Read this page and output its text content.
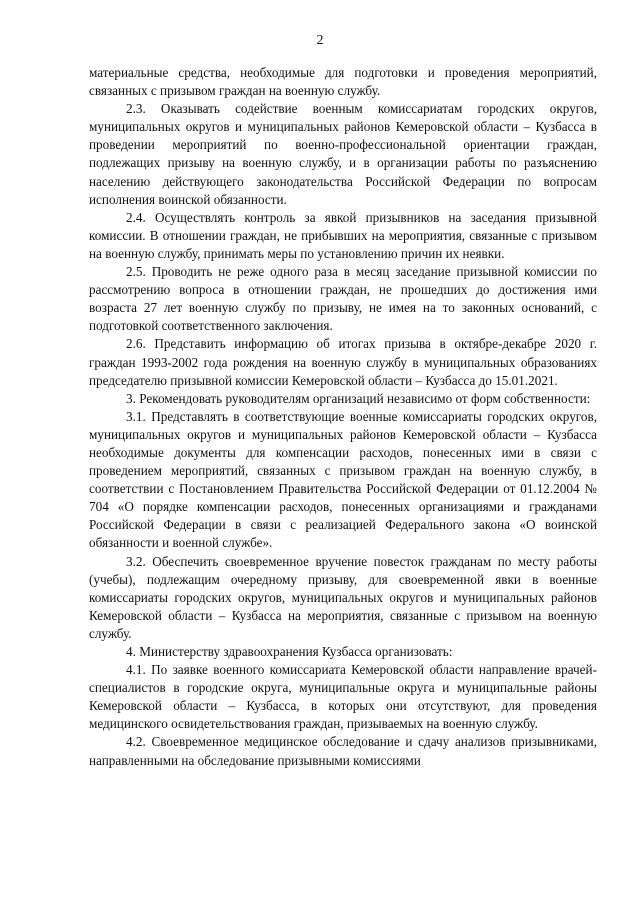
2

материальные средства, необходимые для подготовки и проведения мероприятий, связанных с призывом граждан на военную службу.

2.3. Оказывать содействие военным комиссариатам городских округов, муниципальных округов и муниципальных районов Кемеровской области – Кузбасса в проведении мероприятий по военно-профессиональной ориентации граждан, подлежащих призыву на военную службу, и в организации работы по разъяснению населению действующего законодательства Российской Федерации по вопросам исполнения воинской обязанности.

2.4. Осуществлять контроль за явкой призывников на заседания призывной комиссии. В отношении граждан, не прибывших на мероприятия, связанные с призывом на военную службу, принимать меры по установлению причин их неявки.

2.5. Проводить не реже одного раза в месяц заседание призывной комиссии по рассмотрению вопроса в отношении граждан, не прошедших до достижения ими возраста 27 лет военную службу по призыву, не имея на то законных оснований, с подготовкой соответственного заключения.

2.6. Представить информацию об итогах призыва в октябре-декабре 2020 г. граждан 1993-2002 года рождения на военную службу в муниципальных образованиях председателю призывной комиссии Кемеровской области – Кузбасса до 15.01.2021.

3. Рекомендовать руководителям организаций независимо от форм собственности:

3.1. Представлять в соответствующие военные комиссариаты городских округов, муниципальных округов и муниципальных районов Кемеровской области – Кузбасса необходимые документы для компенсации расходов, понесенных ими в связи с проведением мероприятий, связанных с призывом граждан на военную службу, в соответствии с Постановлением Правительства Российской Федерации от 01.12.2004 № 704 «О порядке компенсации расходов, понесенных организациями и гражданами Российской Федерации в связи с реализацией Федерального закона «О воинской обязанности и военной службе».

3.2. Обеспечить своевременное вручение повесток гражданам по месту работы (учебы), подлежащим очередному призыву, для своевременной явки в военные комиссариаты городских округов, муниципальных округов и муниципальных районов Кемеровской области – Кузбасса на мероприятия, связанные с призывом на военную службу.

4. Министерству здравоохранения Кузбасса организовать:

4.1. По заявке военного комиссариата Кемеровской области направление врачей-специалистов в городские округа, муниципальные округа и муниципальные районы Кемеровской области – Кузбасса, в которых они отсутствуют, для проведения медицинского освидетельствования граждан, призываемых на военную службу.

4.2. Своевременное медицинское обследование и сдачу анализов призывниками, направленными на обследование призывными комиссиями
